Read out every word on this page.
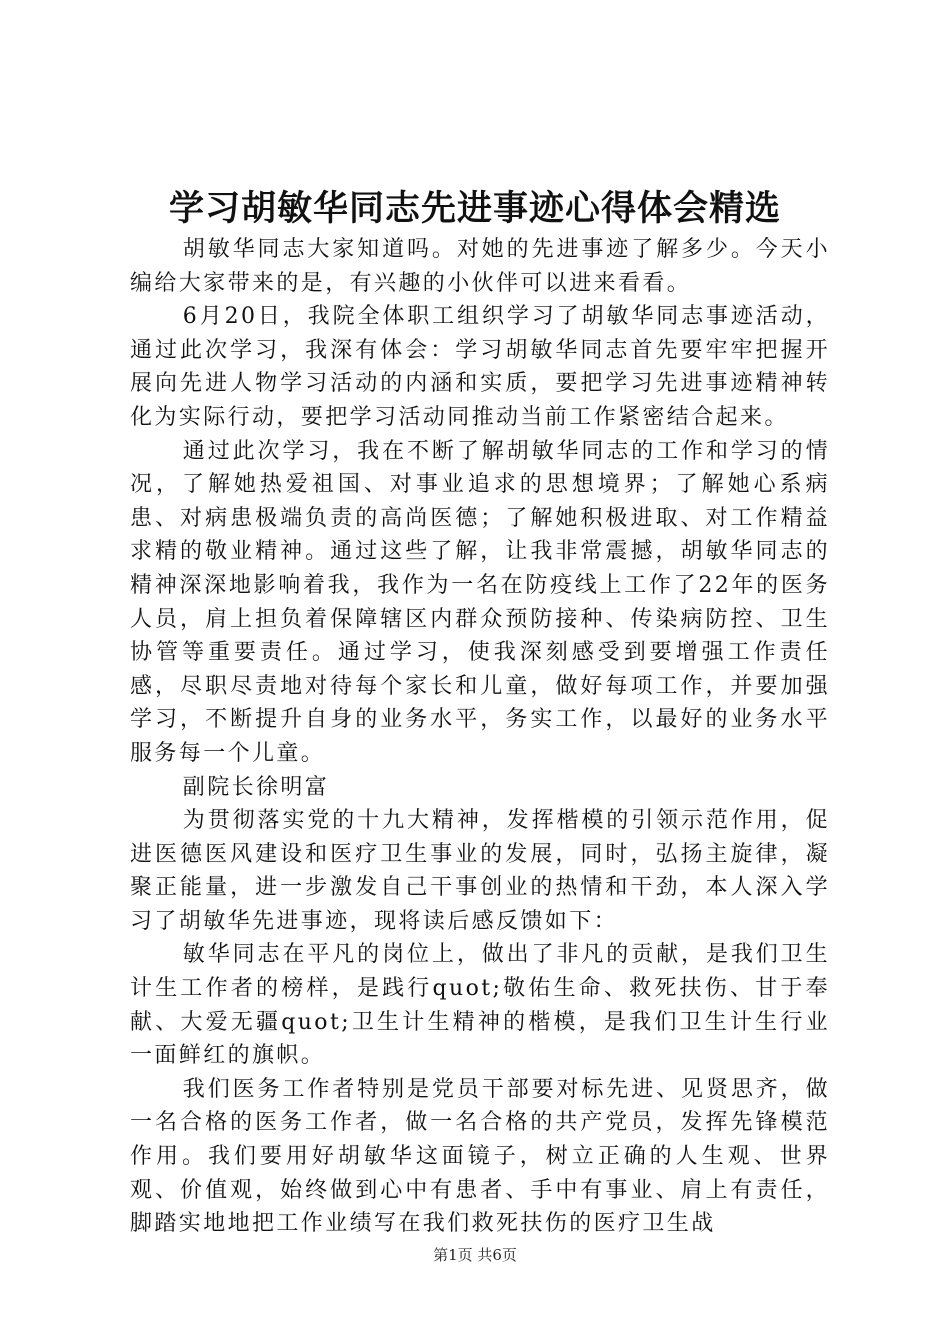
学习胡敏华同志先进事迹心得体会精选

胡敏华同志大家知道吗。对她的先进事迹了解多少。今天小编给大家带来的是，有兴趣的小伙伴可以进来看看。

6月20日，我院全体职工组织学习了胡敏华同志事迹活动，通过此次学习，我深有体会：学习胡敏华同志首先要牢牢把握开展向先进人物学习活动的内涵和实质，要把学习先进事迹精神转化为实际行动，要把学习活动同推动当前工作紧密结合起来。

通过此次学习，我在不断了解胡敏华同志的工作和学习的情况，了解她热爱祖国、对事业追求的思想境界；了解她心系病患、对病患极端负责的高尚医德；了解她积极进取、对工作精益求精的敬业精神。通过这些了解，让我非常震撼，胡敏华同志的精神深深地影响着我，我作为一名在防疫线上工作了22年的医务人员，肩上担负着保障辖区内群众预防接种、传染病防控、卫生协管等重要责任。通过学习，使我深刻感受到要增强工作责任感，尽职尽责地对待每个家长和儿童，做好每项工作，并要加强学习，不断提升自身的业务水平，务实工作，以最好的业务水平服务每一个儿童。

副院长徐明富

为贯彻落实党的十九大精神，发挥楷模的引领示范作用，促进医德医风建设和医疗卫生事业的发展，同时，弘扬主旋律，凝聚正能量，进一步激发自己干事创业的热情和干劲，本人深入学习了胡敏华先进事迹，现将读后感反馈如下：

敏华同志在平凡的岗位上，做出了非凡的贡献，是我们卫生计生工作者的榜样，是践行quot;敬佑生命、救死扶伤、甘于奉献、大爱无疆quot;卫生计生精神的楷模，是我们卫生计生行业一面鲜红的旗帜。

我们医务工作者特别是党员干部要对标先进、见贤思齐，做一名合格的医务工作者，做一名合格的共产党员，发挥先锋模范作用。我们要用好胡敏华这面镜子，树立正确的人生观、世界观、价值观，始终做到心中有患者、手中有事业、肩上有责任，脚踏实地地把工作业绩写在我们救死扶伤的医疗卫生战

第1页 共6页
